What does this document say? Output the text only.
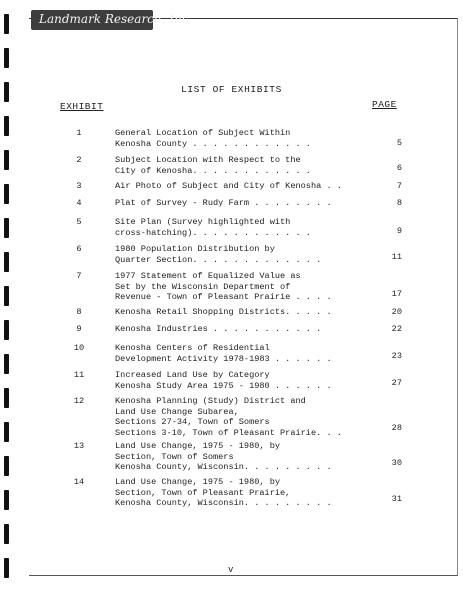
Landmark Research, Inc.
LIST OF EXHIBITS
EXHIBIT	PAGE
1	General Location of Subject Within
Kenosha County . . . . . . . . . . . .	5
2	Subject Location with Respect to the
City of Kenosha. . . . . . . . . . . .	6
3	Air Photo of Subject and City of Kenosha . .	7
4	Plat of Survey - Rudy Farm . . . . . . . .	8
5	Site Plan (Survey highlighted with
cross-hatching). . . . . . . . . . . .	9
6	1980 Population Distribution by
Quarter Section. . . . . . . . . . . . .	11
7	1977 Statement of Equalized Value as
Set by the Wisconsin Department of
Revenue - Town of Pleasant Prairie . . . .	17
8	Kenosha Retail Shopping Districts. . . . .	20
9	Kenosha Industries . . . . . . . . . . .	22
10	Kenosha Centers of Residential
Development Activity 1978-1983 . . . . . .	23
11	Increased Land Use by Category
Kenosha Study Area 1975 - 1980 . . . . . .	27
12	Kenosha Planning (Study) District and
Land Use Change Subarea,
Sections 27-34, Town of Somers
Sections 3-10, Town of Pleasant Prairie. . .	28
13	Land Use Change, 1975 - 1980, by
Section, Town of Somers
Kenosha County, Wisconsin. . . . . . . . .	30
14	Land Use Change, 1975 - 1980, by
Section, Town of Pleasant Prairie,
Kenosha County, Wisconsin. . . . . . . . .	31
v
